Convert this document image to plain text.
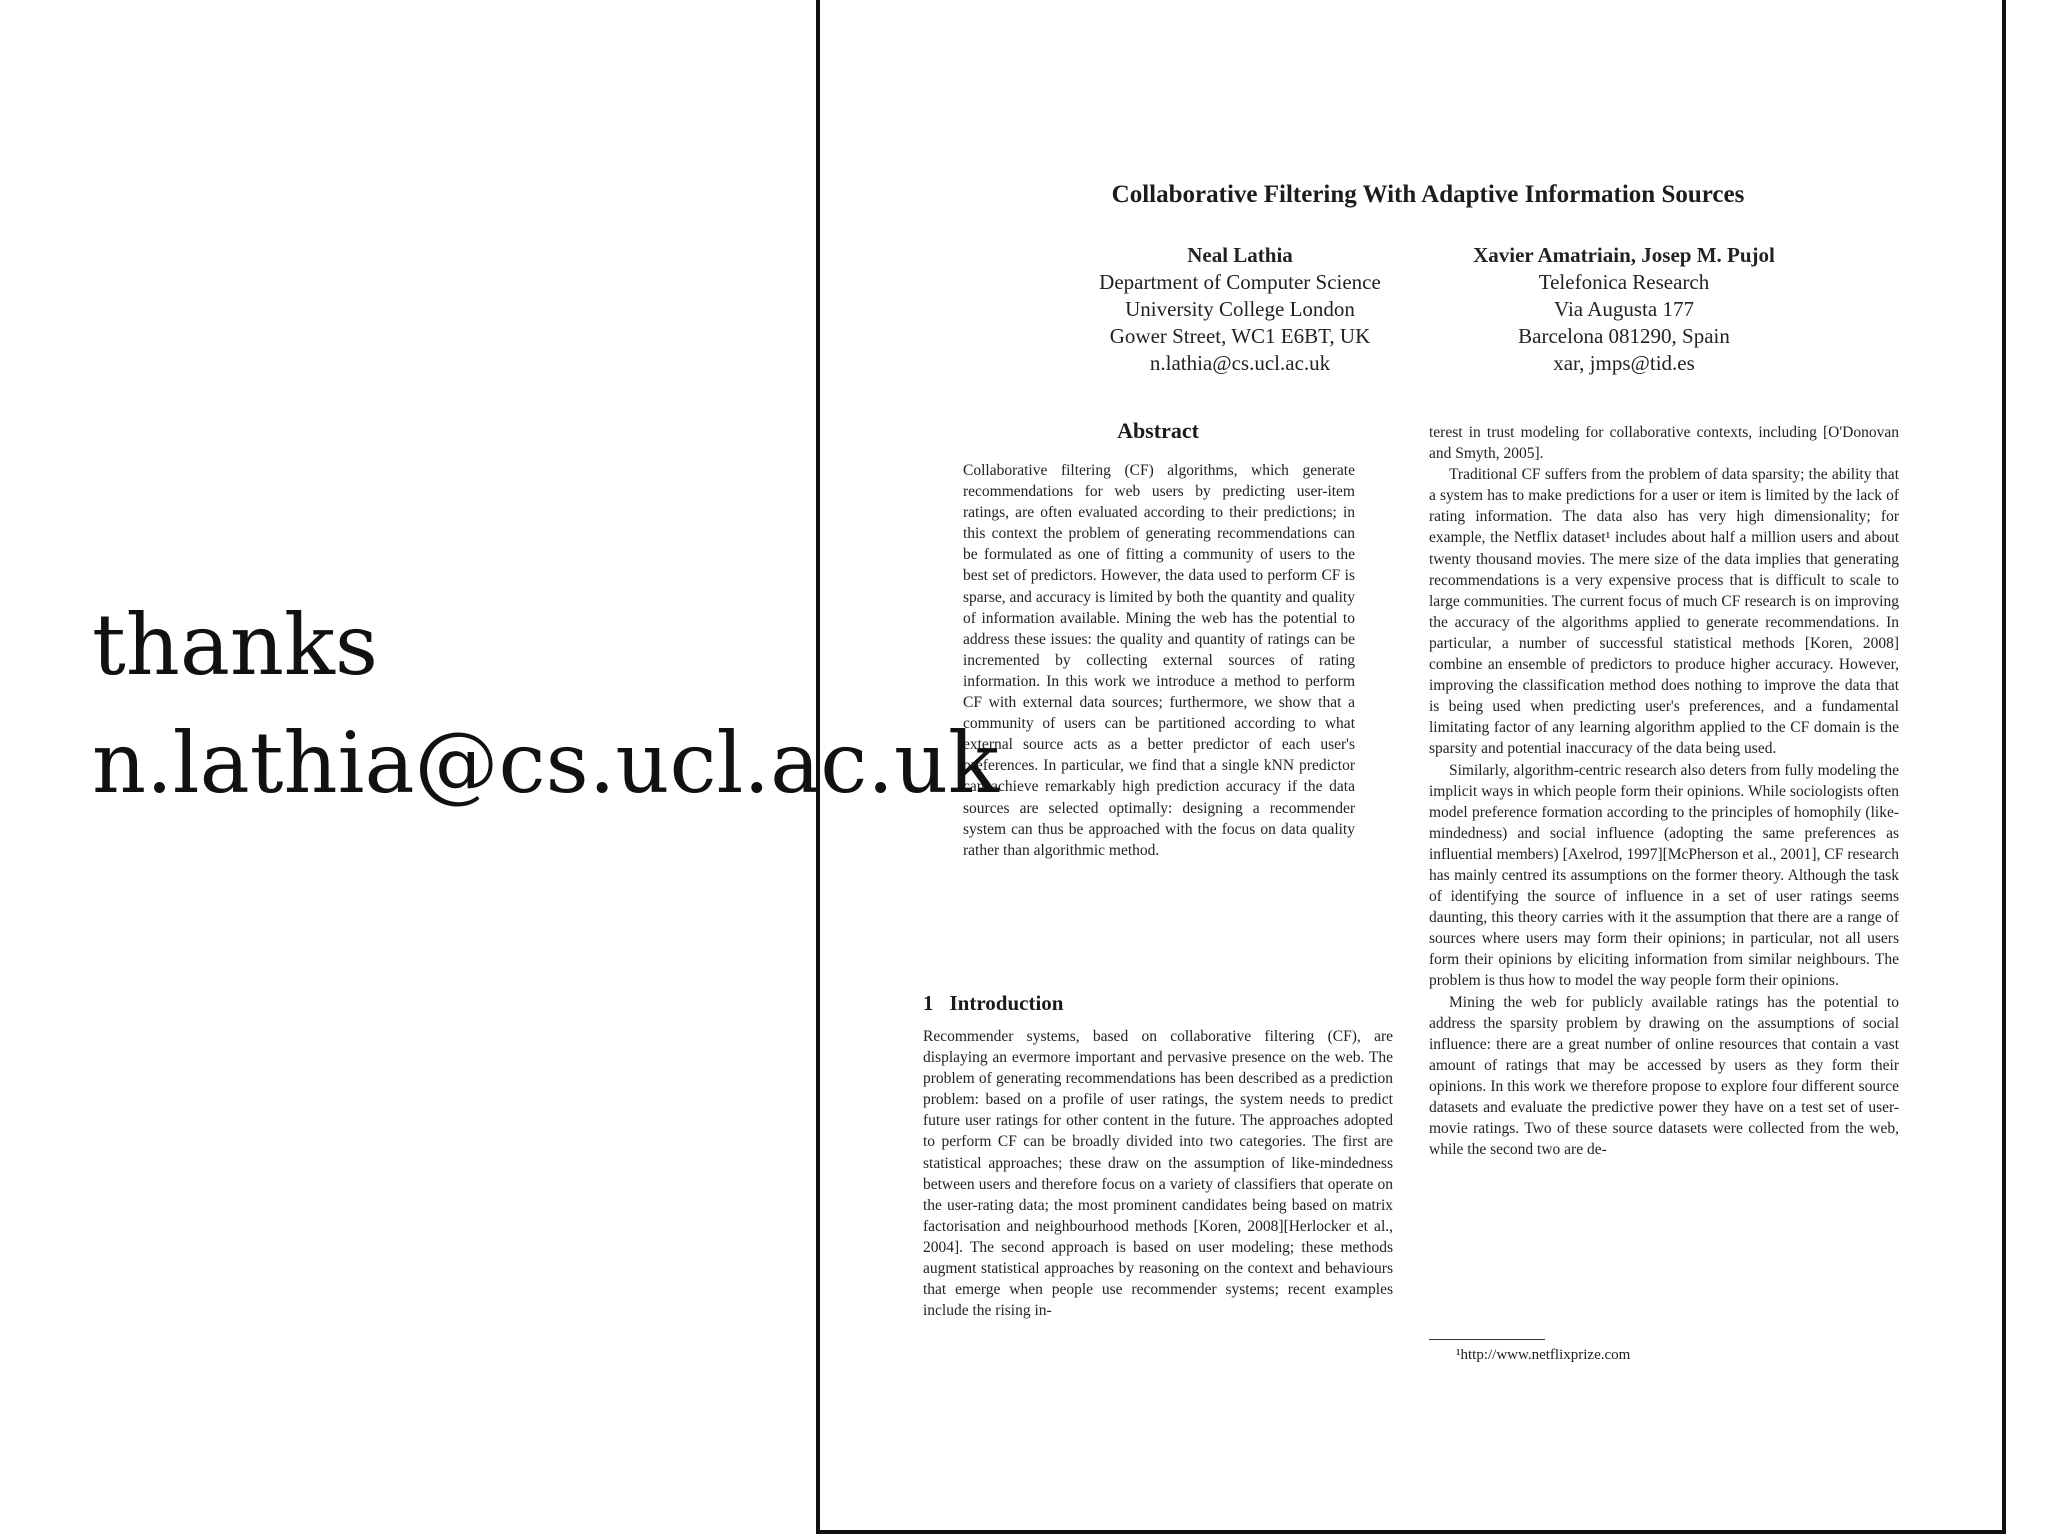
Collaborative Filtering With Adaptive Information Sources
Neal Lathia
Department of Computer Science
University College London
Gower Street, WC1 E6BT, UK
n.lathia@cs.ucl.ac.uk
Xavier Amatriain, Josep M. Pujol
Telefonica Research
Via Augusta 177
Barcelona 081290, Spain
xar, jmps@tid.es
Abstract

Collaborative filtering (CF) algorithms, which generate recommendations for web users by predicting user-item ratings, are often evaluated according to their predictions; in this context the problem of generating recommendations can be formulated as one of fitting a community of users to the best set of predictors. However, the data used to perform CF is sparse, and accuracy is limited by both the quantity and quality of information available. Mining the web has the potential to address these issues: the quality and quantity of ratings can be incremented by collecting external sources of rating information. In this work we introduce a method to perform CF with external data sources; furthermore, we show that a community of users can be partitioned according to what external source acts as a better predictor of each user's preferences. In particular, we find that a single kNN predictor can achieve remarkably high prediction accuracy if the data sources are selected optimally: designing a recommender system can thus be approached with the focus on data quality rather than algorithmic method.

1 Introduction

Recommender systems, based on collaborative filtering (CF), are displaying an evermore important and pervasive presence on the web. The problem of generating recommendations has been described as a prediction problem: based on a profile of user ratings, the system needs to predict future user ratings for other content in the future. The approaches adopted to perform CF can be broadly divided into two categories. The first are statistical approaches; these draw on the assumption of like-mindedness between users and therefore focus on a variety of classifiers that operate on the user-rating data; the most prominent candidates being based on matrix factorisation and neighbourhood methods [Koren, 2008][Herlocker et al., 2004]. The second approach is based on user modeling; these methods augment statistical approaches by reasoning on the context and behaviours that emerge when people use recommender systems; recent examples include the rising in-

terest in trust modeling for collaborative contexts, including [O'Donovan and Smyth, 2005].

Traditional CF suffers from the problem of data sparsity; the ability that a system has to make predictions for a user or item is limited by the lack of rating information. The data also has very high dimensionality; for example, the Netflix dataset¹ includes about half a million users and about twenty thousand movies. The mere size of the data implies that generating recommendations is a very expensive process that is difficult to scale to large communities. The current focus of much CF research is on improving the accuracy of the algorithms applied to generate recommendations. In particular, a number of successful statistical methods [Koren, 2008] combine an ensemble of predictors to produce higher accuracy. However, improving the classification method does nothing to improve the data that is being used when predicting user's preferences, and a fundamental limitating factor of any learning algorithm applied to the CF domain is the sparsity and potential inaccuracy of the data being used.

Similarly, algorithm-centric research also deters from fully modeling the implicit ways in which people form their opinions. While sociologists often model preference formation according to the principles of homophily (like-mindedness) and social influence (adopting the same preferences as influential members) [Axelrod, 1997][McPherson et al., 2001], CF research has mainly centred its assumptions on the former theory. Although the task of identifying the source of influence in a set of user ratings seems daunting, this theory carries with it the assumption that there are a range of sources where users may form their opinions; in particular, not all users form their opinions by eliciting information from similar neighbours. The problem is thus how to model the way people form their opinions.

Mining the web for publicly available ratings has the potential to address the sparsity problem by drawing on the assumptions of social influence: there are a great number of online resources that contain a vast amount of ratings that may be accessed by users as they form their opinions. In this work we therefore propose to explore four different source datasets and evaluate the predictive power they have on a test set of user-movie ratings. Two of these source datasets were collected from the web, while the second two are de-

¹http://www.netflixprize.com
thanks
n.lathia@cs.ucl.ac.uk
